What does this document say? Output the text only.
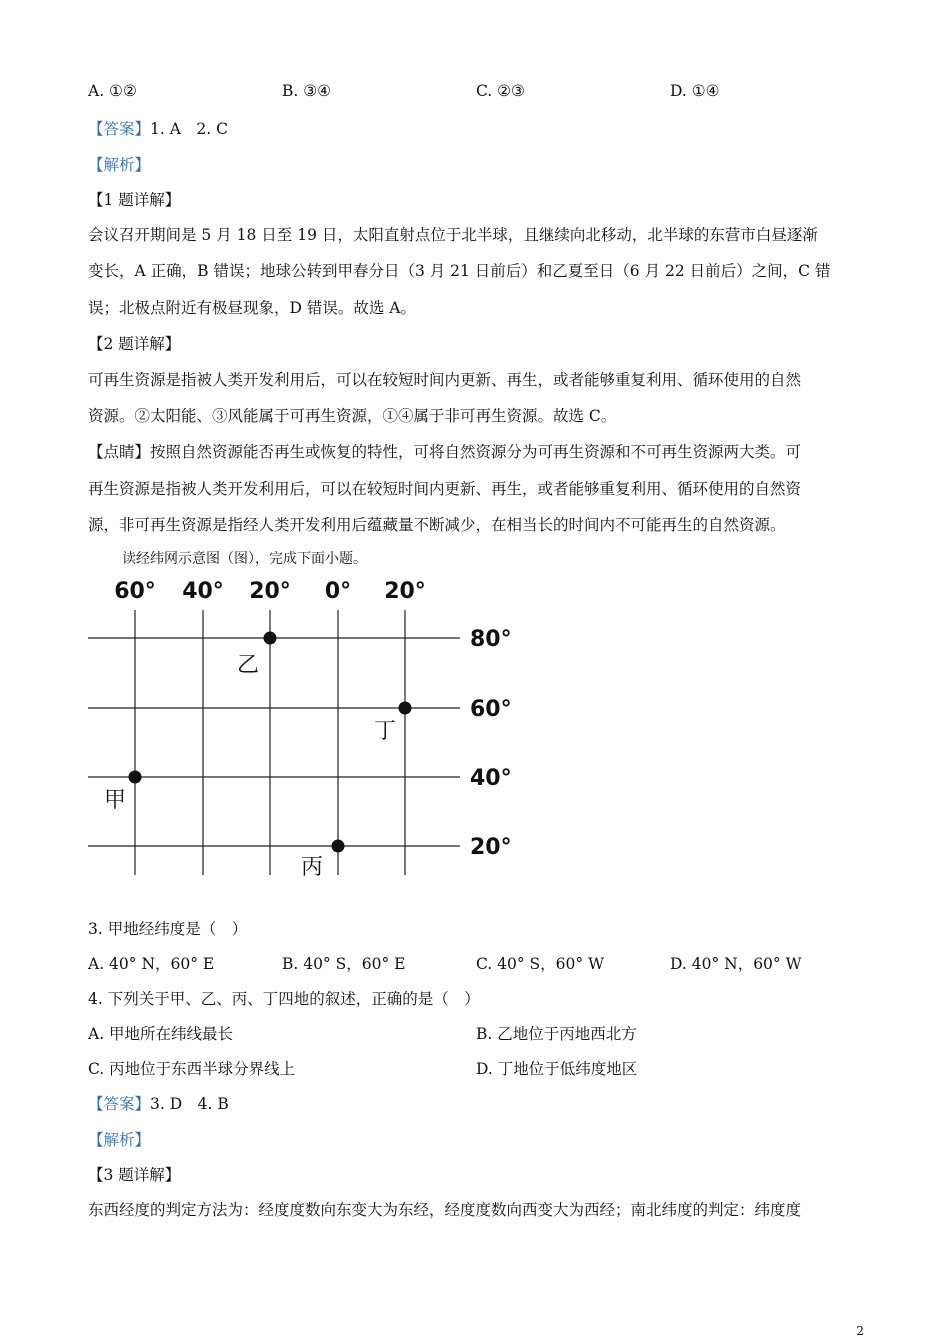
A. ①②	B. ③④	C. ②③	D. ①④
【答案】1. A　2. C
【解析】
【1 题详解】
会议召开期间是 5 月 18 日至 19 日，太阳直射点位于北半球，且继续向北移动，北半球的东营市白昼逐渐
变长，A 正确，B 错误；地球公转到甲春分日（3 月 21 日前后）和乙夏至日（6 月 22 日前后）之间，C 错
误；北极点附近有极昼现象，D 错误。故选 A。
【2 题详解】
可再生资源是指被人类开发利用后，可以在较短时间内更新、再生，或者能够重复利用、循环使用的自然
资源。②太阳能、③风能属于可再生资源，①④属于非可再生资源。故选 C。
【点睛】按照自然资源能否再生或恢复的特性，可将自然资源分为可再生资源和不可再生资源两大类。可
再生资源是指被人类开发利用后，可以在较短时间内更新、再生，或者能够重复利用、循环使用的自然资
源，非可再生资源是指经人类开发利用后蕴藏量不断减少，在相当长的时间内不可能再生的自然资源。
读经纬网示意图（图），完成下面小题。
60° 40° 20° 0° 20°
80°
60°
40°
20°
甲
乙
丙
丁
3. 甲地经纬度是（　）
A. 40° N，60° E	B. 40° S，60° E	C. 40° S，60° W	D. 40° N，60° W
4. 下列关于甲、乙、丙、丁四地的叙述，正确的是（　）
A. 甲地所在纬线最长	B. 乙地位于丙地西北方
C. 丙地位于东西半球分界线上	D. 丁地位于低纬度地区
【答案】3. D　4. B
【解析】
【3 题详解】
东西经度的判定方法为：经度度数向东变大为东经，经度度数向西变大为西经；南北纬度的判定：纬度度
2
